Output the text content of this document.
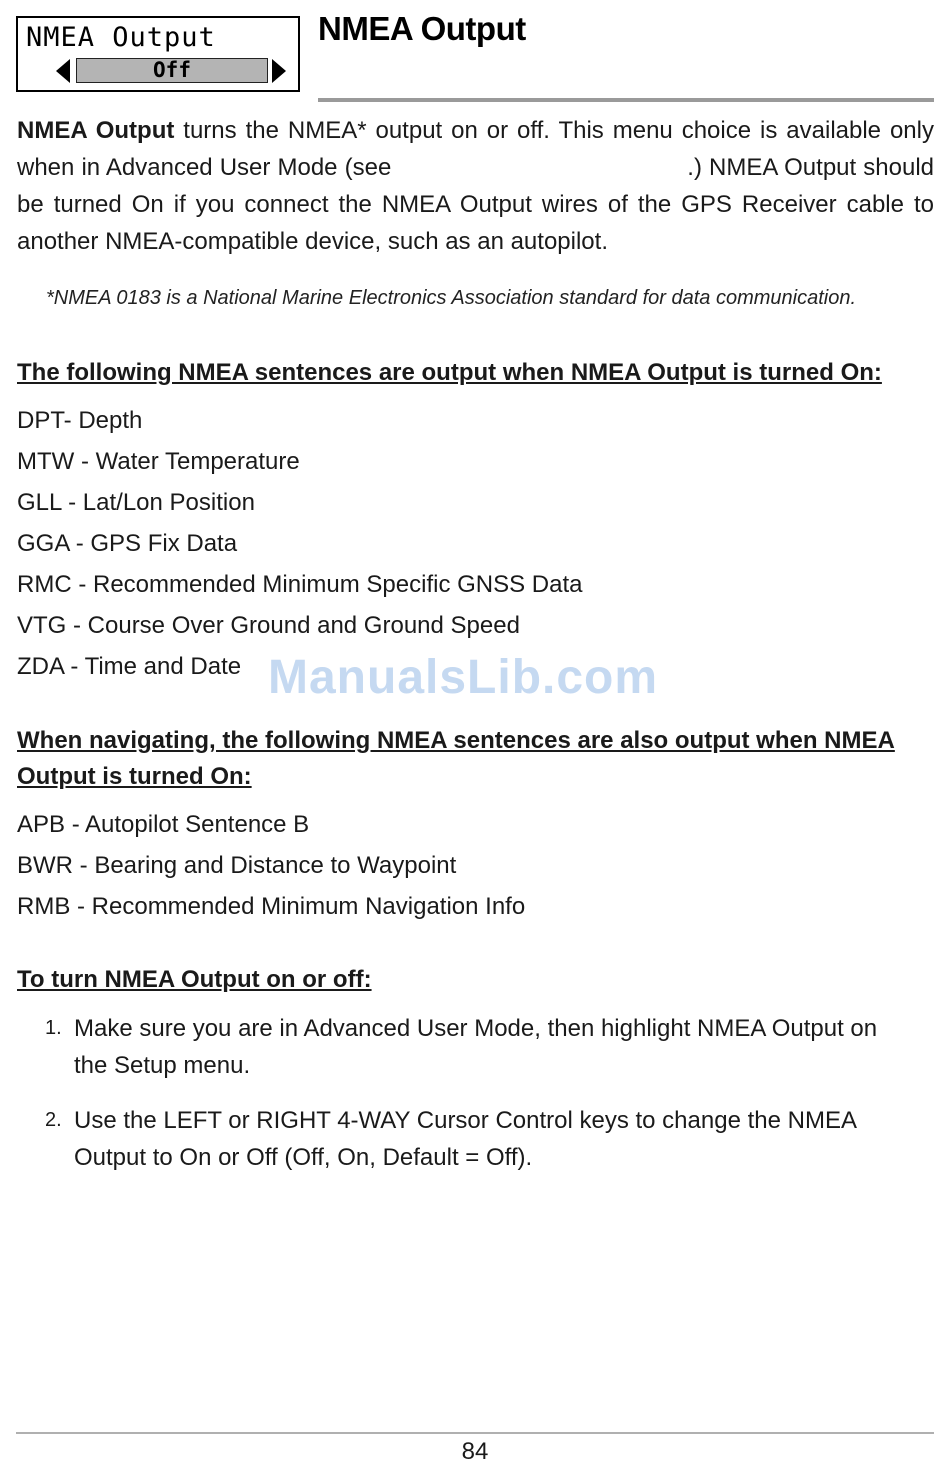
NMEA Output
Off
NMEA Output

NMEA Output turns the NMEA* output on or off. This menu choice is available only when in Advanced User Mode (see	.) NMEA Output should be turned On if you connect the NMEA Output wires of the GPS Receiver cable to another NMEA-compatible device, such as an autopilot.

*NMEA 0183 is a National Marine Electronics Association standard for data communication.

The following NMEA sentences are output when NMEA Output is turned On:
DPT- Depth
MTW - Water Temperature
GLL - Lat/Lon Position
GGA - GPS Fix Data
RMC - Recommended Minimum Specific GNSS Data
VTG - Course Over Ground and Ground Speed
ZDA - Time and Date ManualsLib.com
When navigating, the following NMEA sentences are also output when NMEA Output is turned On:
APB - Autopilot Sentence B
BWR - Bearing and Distance to Waypoint
RMB - Recommended Minimum Navigation Info
To turn NMEA Output on or off:
1. Make sure you are in Advanced User Mode, then highlight NMEA Output on the Setup menu.
2. Use the LEFT or RIGHT 4-WAY Cursor Control keys to change the NMEA Output to On or Off (Off, On, Default = Off).
84
